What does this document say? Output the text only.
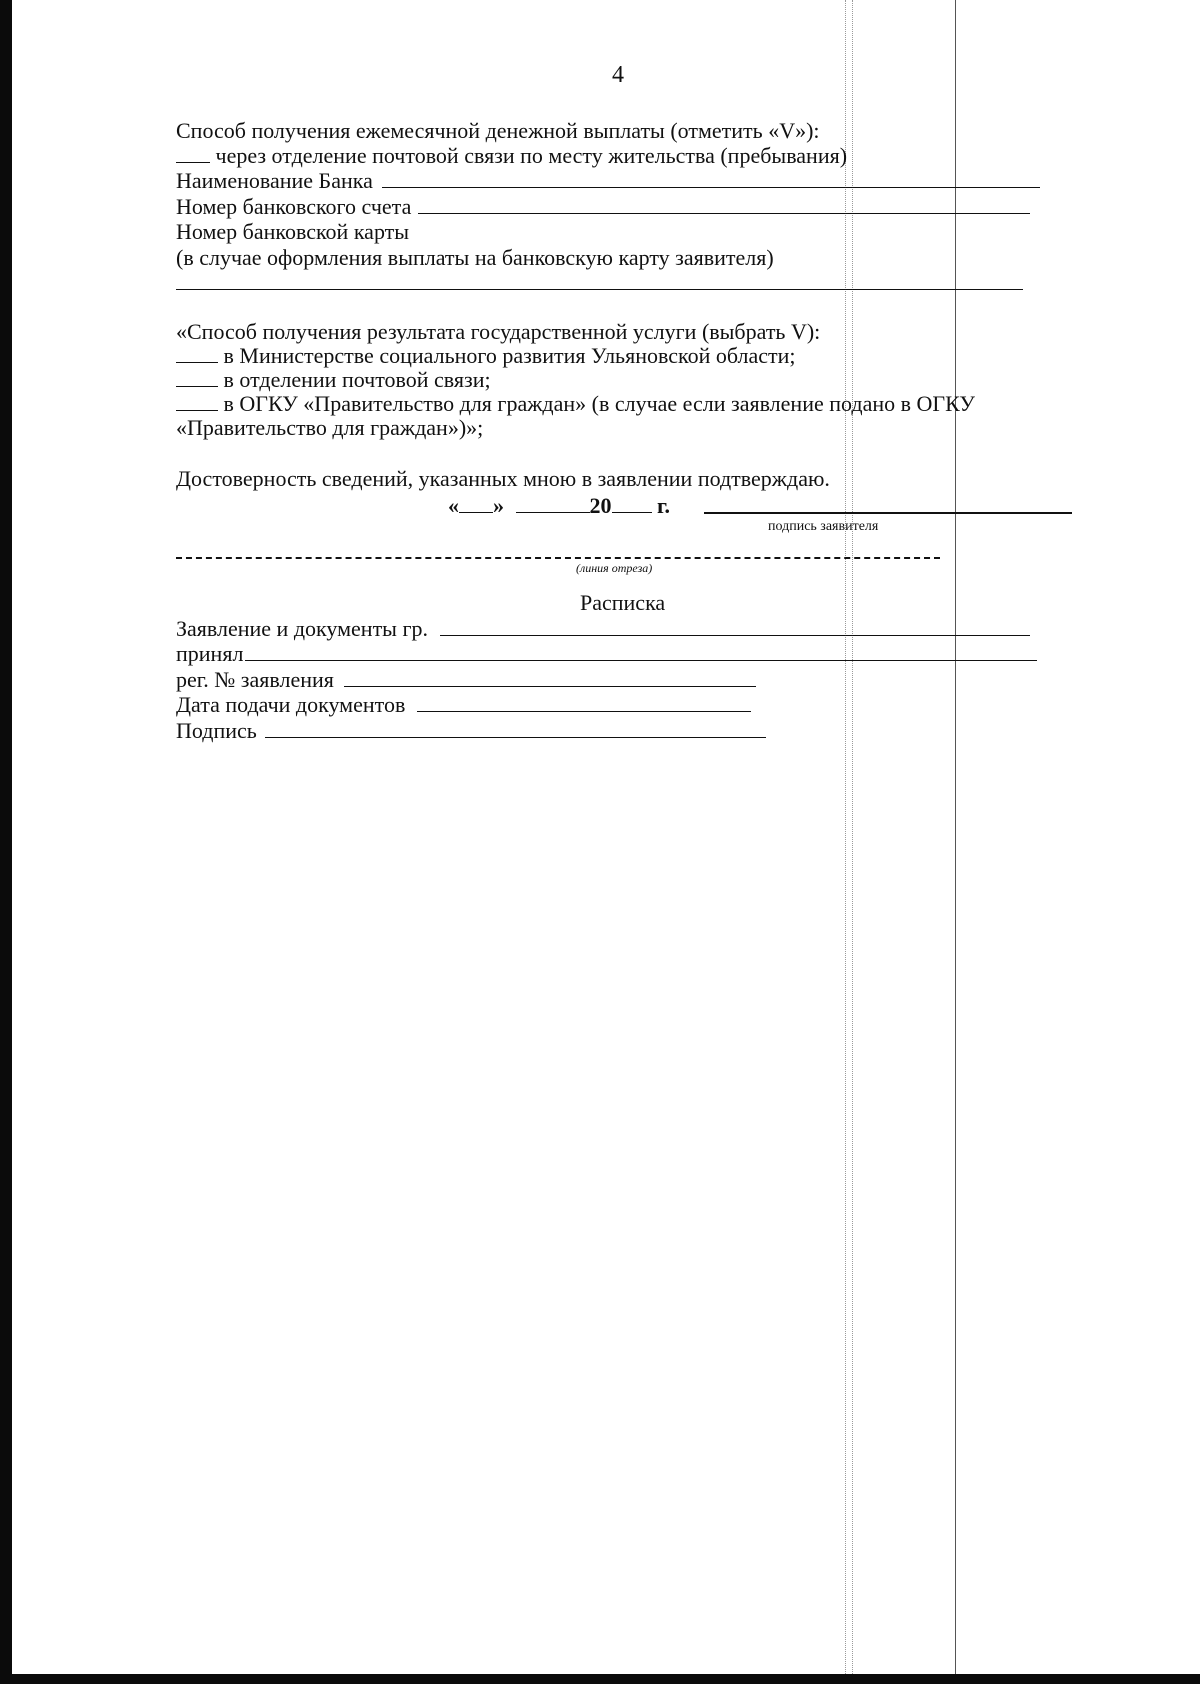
4
Способ получения ежемесячной денежной выплаты (отметить «V»):
через отделение почтовой связи по месту жительства (пребывания)
Наименование Банка
Номер банковского счета
Номер банковской карты
(в случае оформления выплаты на банковскую карту заявителя)
«Способ получения результата государственной услуги (выбрать V):
в Министерстве социального развития Ульяновской области;
в отделении почтовой связи;
в ОГКУ «Правительство для граждан» (в случае если заявление подано в ОГКУ
«Правительство для граждан»)»;
Достоверность сведений, указанных мною в заявлении подтверждаю.
« »	20 г.
подпись заявителя
(линия отреза)
Расписка
Заявление и документы гр.
принял
рег. № заявления
Дата подачи документов
Подпись
